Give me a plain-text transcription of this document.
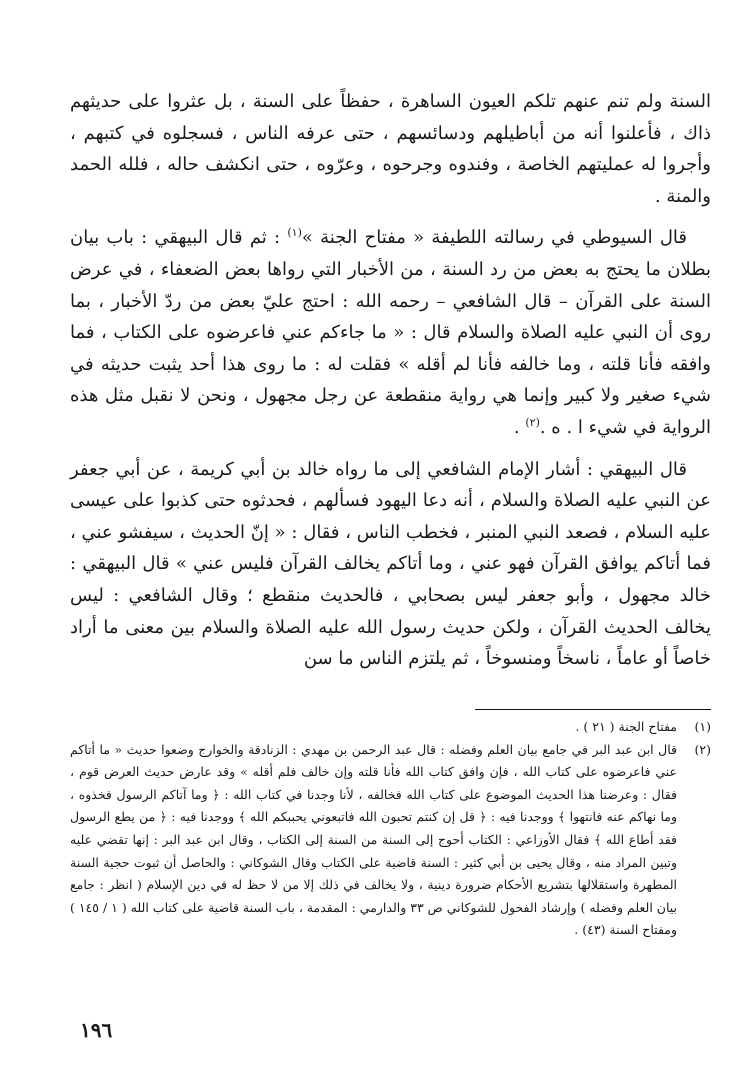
السنة ولم تنم عنهم تلكم العيون الساهرة ، حفظاً على السنة ، بل عثروا على حديثهم ذاك ، فأعلنوا أنه من أباطيلهم ودسائسهم ، حتى عرفه الناس ، فسجلوه في كتبهم ، وأجروا له عمليتهم الخاصة ، وفندوه وجرحوه ، وعرّوه ، حتى انكشف حاله ، فلله الحمد والمنة .

قال السيوطي في رسالته اللطيفة « مفتاح الجنة »$^{(١)}$ : ثم قال البيهقي : باب بيان بطلان ما يحتج به بعض من رد السنة ، من الأخبار التي رواها بعض الضعفاء ، في عرض السنة على القرآن – قال الشافعي – رحمه الله : احتج عليّ بعض من ردّ الأخبار ، بما روى أن النبي عليه الصلاة والسلام قال : « ما جاءكم عني فاعرضوه على الكتاب ، فما وافقه فأنا قلته ، وما خالفه فأنا لم أقله » فقلت له : ما روى هذا أحد يثبت حديثه في شيء صغير ولا كبير وإنما هي رواية منقطعة عن رجل مجهول ، ونحن لا نقبل مثل هذه الرواية في شيء ا . ه .$^{(٢)}$ .

قال البيهقي : أشار الإمام الشافعي إلى ما رواه خالد بن أبي كريمة ، عن أبي جعفر عن النبي عليه الصلاة والسلام ، أنه دعا اليهود فسألهم ، فحدثوه حتى كذبوا على عيسى عليه السلام ، فصعد النبي المنبر ، فخطب الناس ، فقال : « إنّ الحديث ، سيفشو عني ، فما أتاكم يوافق القرآن فهو عني ، وما أتاكم يخالف القرآن فليس عني » قال البيهقي : خالد مجهول ، وأبو جعفر ليس بصحابي ، فالحديث منقطع ؛ وقال الشافعي : ليس يخالف الحديث القرآن ، ولكن حديث رسول الله عليه الصلاة والسلام بين معنى ما أراد خاصاً أو عاماً ، ناسخاً ومنسوخاً ، ثم يلتزم الناس ما سن

(١)
مفتاح الجنة ( ٢١ ) .
(٢)
قال ابن عبد البر في جامع بيان العلم وفضله : قال عبد الرحمن بن مهدي : الزنادقة والخوارج وضعوا حديث « ما أتاكم عني فاعرضوه على كتاب الله ، فإن وافق كتاب الله فأنا قلته وإن خالف فلم أقله » وقد عارض حديث العرض قوم ، فقال : وعرضنا هذا الحديث الموضوع على كتاب الله فخالفه ، لأنا وجدنا في كتاب الله : ﴿ وما آتاكم الرسول فخذوه ، وما نهاكم عنه فانتهوا ﴾ ووجدنا فيه : ﴿ قل إن كنتم تحبون الله فاتبعوني يحببكم الله ﴾ ووجدنا فيه : ﴿ من يطع الرسول فقد أطاع الله ﴾ فقال الأوزاعي : الكتاب أحوج إلى السنة من السنة إلى الكتاب ، وقال ابن عبد البر : إنها تقضي عليه وتبين المراد منه ، وقال يحيى بن أبي كثير : السنة قاضية على الكتاب وقال الشوكاني : والحاصل أن ثبوت حجية السنة المطهرة واستقلالها بتشريع الأحكام ضرورة دينية ، ولا يخالف في ذلك إلا من لا حظ له في دين الإسلام ( انظر : جامع بيان العلم وفضله ) وإرشاد الفحول للشوكاني ص ٣٣ والدارمي : المقدمة ، باب السنة قاضية على كتاب الله ( ١ / ١٤٥ ) ومفتاح السنة (٤٣) .
١٩٦
